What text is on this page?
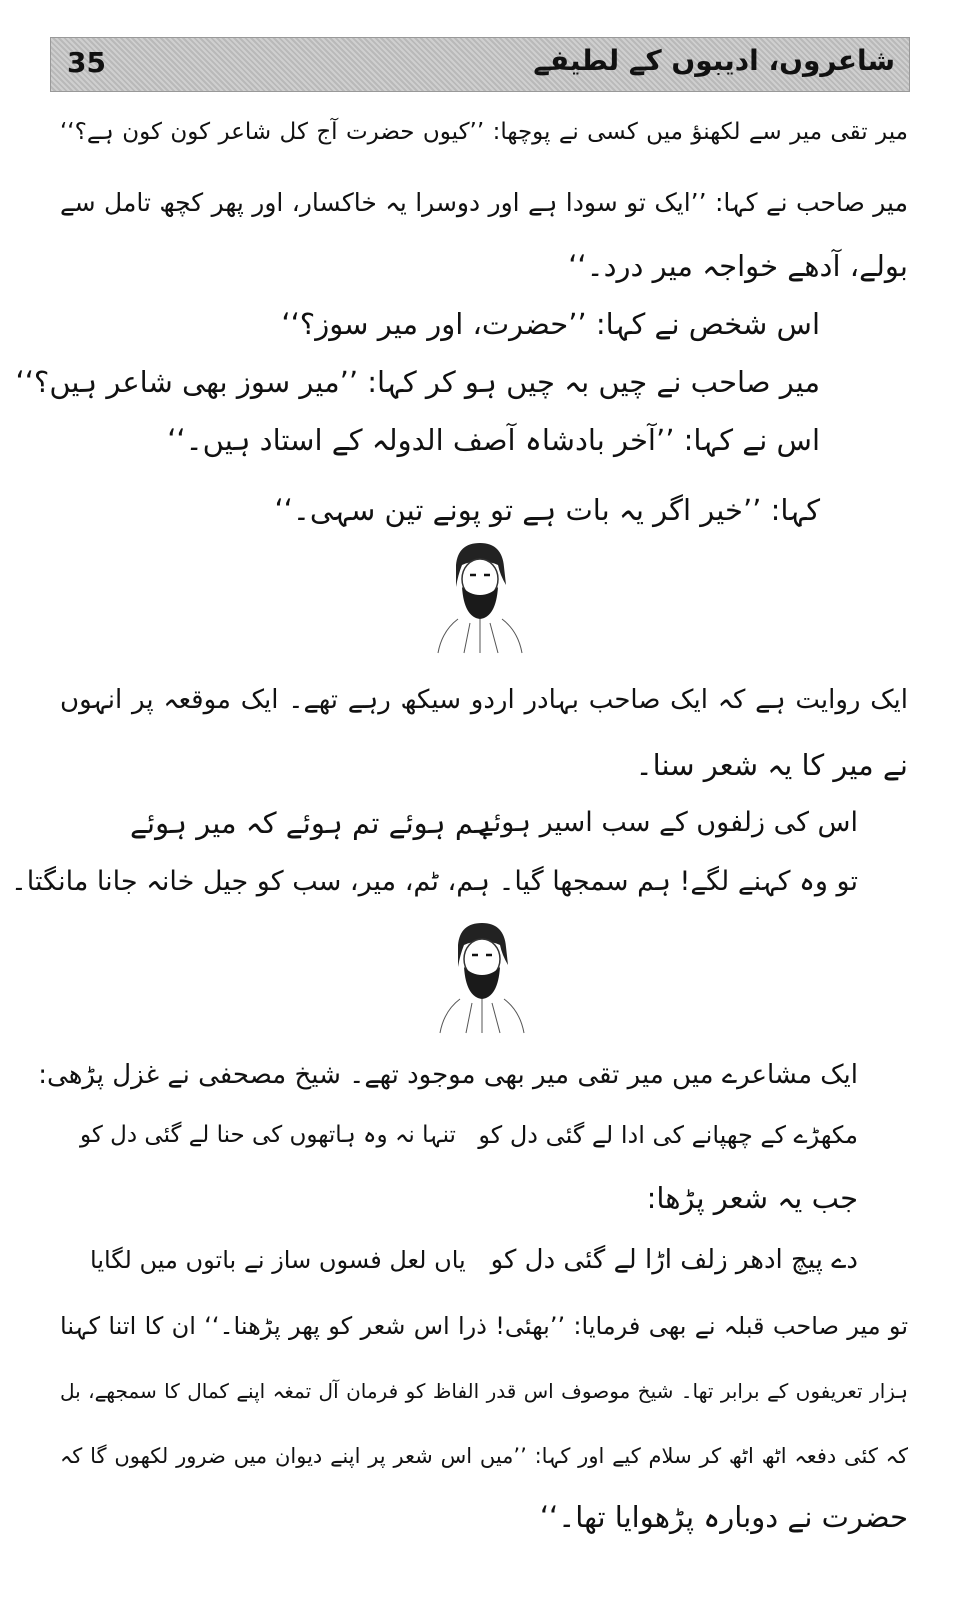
35	شاعروں، ادیبوں کے لطیفے
میر تقی میر سے لکھنؤ میں کسی نے پوچھا: ’’کیوں حضرت آج کل شاعر کون کون ہے؟‘‘
میر صاحب نے کہا: ’’ایک تو سودا ہے اور دوسرا یہ خاکسار، اور پھر کچھ تامل سے
بولے، آدھے خواجہ میر درد۔‘‘
اس شخص نے کہا: ’’حضرت، اور میر سوز؟‘‘
میر صاحب نے چیں بہ چیں ہو کر کہا: ’’میر سوز بھی شاعر ہیں؟‘‘
اس نے کہا: ’’آخر بادشاہ آصف الدولہ کے استاد ہیں۔‘‘
کہا: ’’خیر اگر یہ بات ہے تو پونے تین سہی۔‘‘
ایک روایت ہے کہ ایک صاحب بہادر اردو سیکھ رہے تھے۔ ایک موقعہ پر انہوں
نے میر کا یہ شعر سنا۔
اس کی زلفوں کے سب اسیر ہوئے
ہم ہوئے تم ہوئے کہ میر ہوئے
تو وہ کہنے لگے! ہم سمجھا گیا۔ ہم، ٹم، میر، سب کو جیل خانہ جانا مانگتا۔
ایک مشاعرے میں میر تقی میر بھی موجود تھے۔ شیخ مصحفی نے غزل پڑھی:
مکھڑے کے چھپانے کی ادا لے گئی دل کو
تنہا نہ وہ ہاتھوں کی حنا لے گئی دل کو
جب یہ شعر پڑھا:
دے پیچ ادھر زلف اڑا لے گئی دل کو
یاں لعل فسوں ساز نے باتوں میں لگایا
تو میر صاحب قبلہ نے بھی فرمایا: ’’بھئی! ذرا اس شعر کو پھر پڑھنا۔‘‘ ان کا اتنا کہنا
ہزار تعریفوں کے برابر تھا۔ شیخ موصوف اس قدر الفاظ کو فرمان آل تمغہ اپنے کمال کا سمجھے، بل
کہ کئی دفعہ اٹھ اٹھ کر سلام کیے اور کہا: ’’میں اس شعر پر اپنے دیوان میں ضرور لکھوں گا کہ
حضرت نے دوبارہ پڑھوایا تھا۔‘‘
